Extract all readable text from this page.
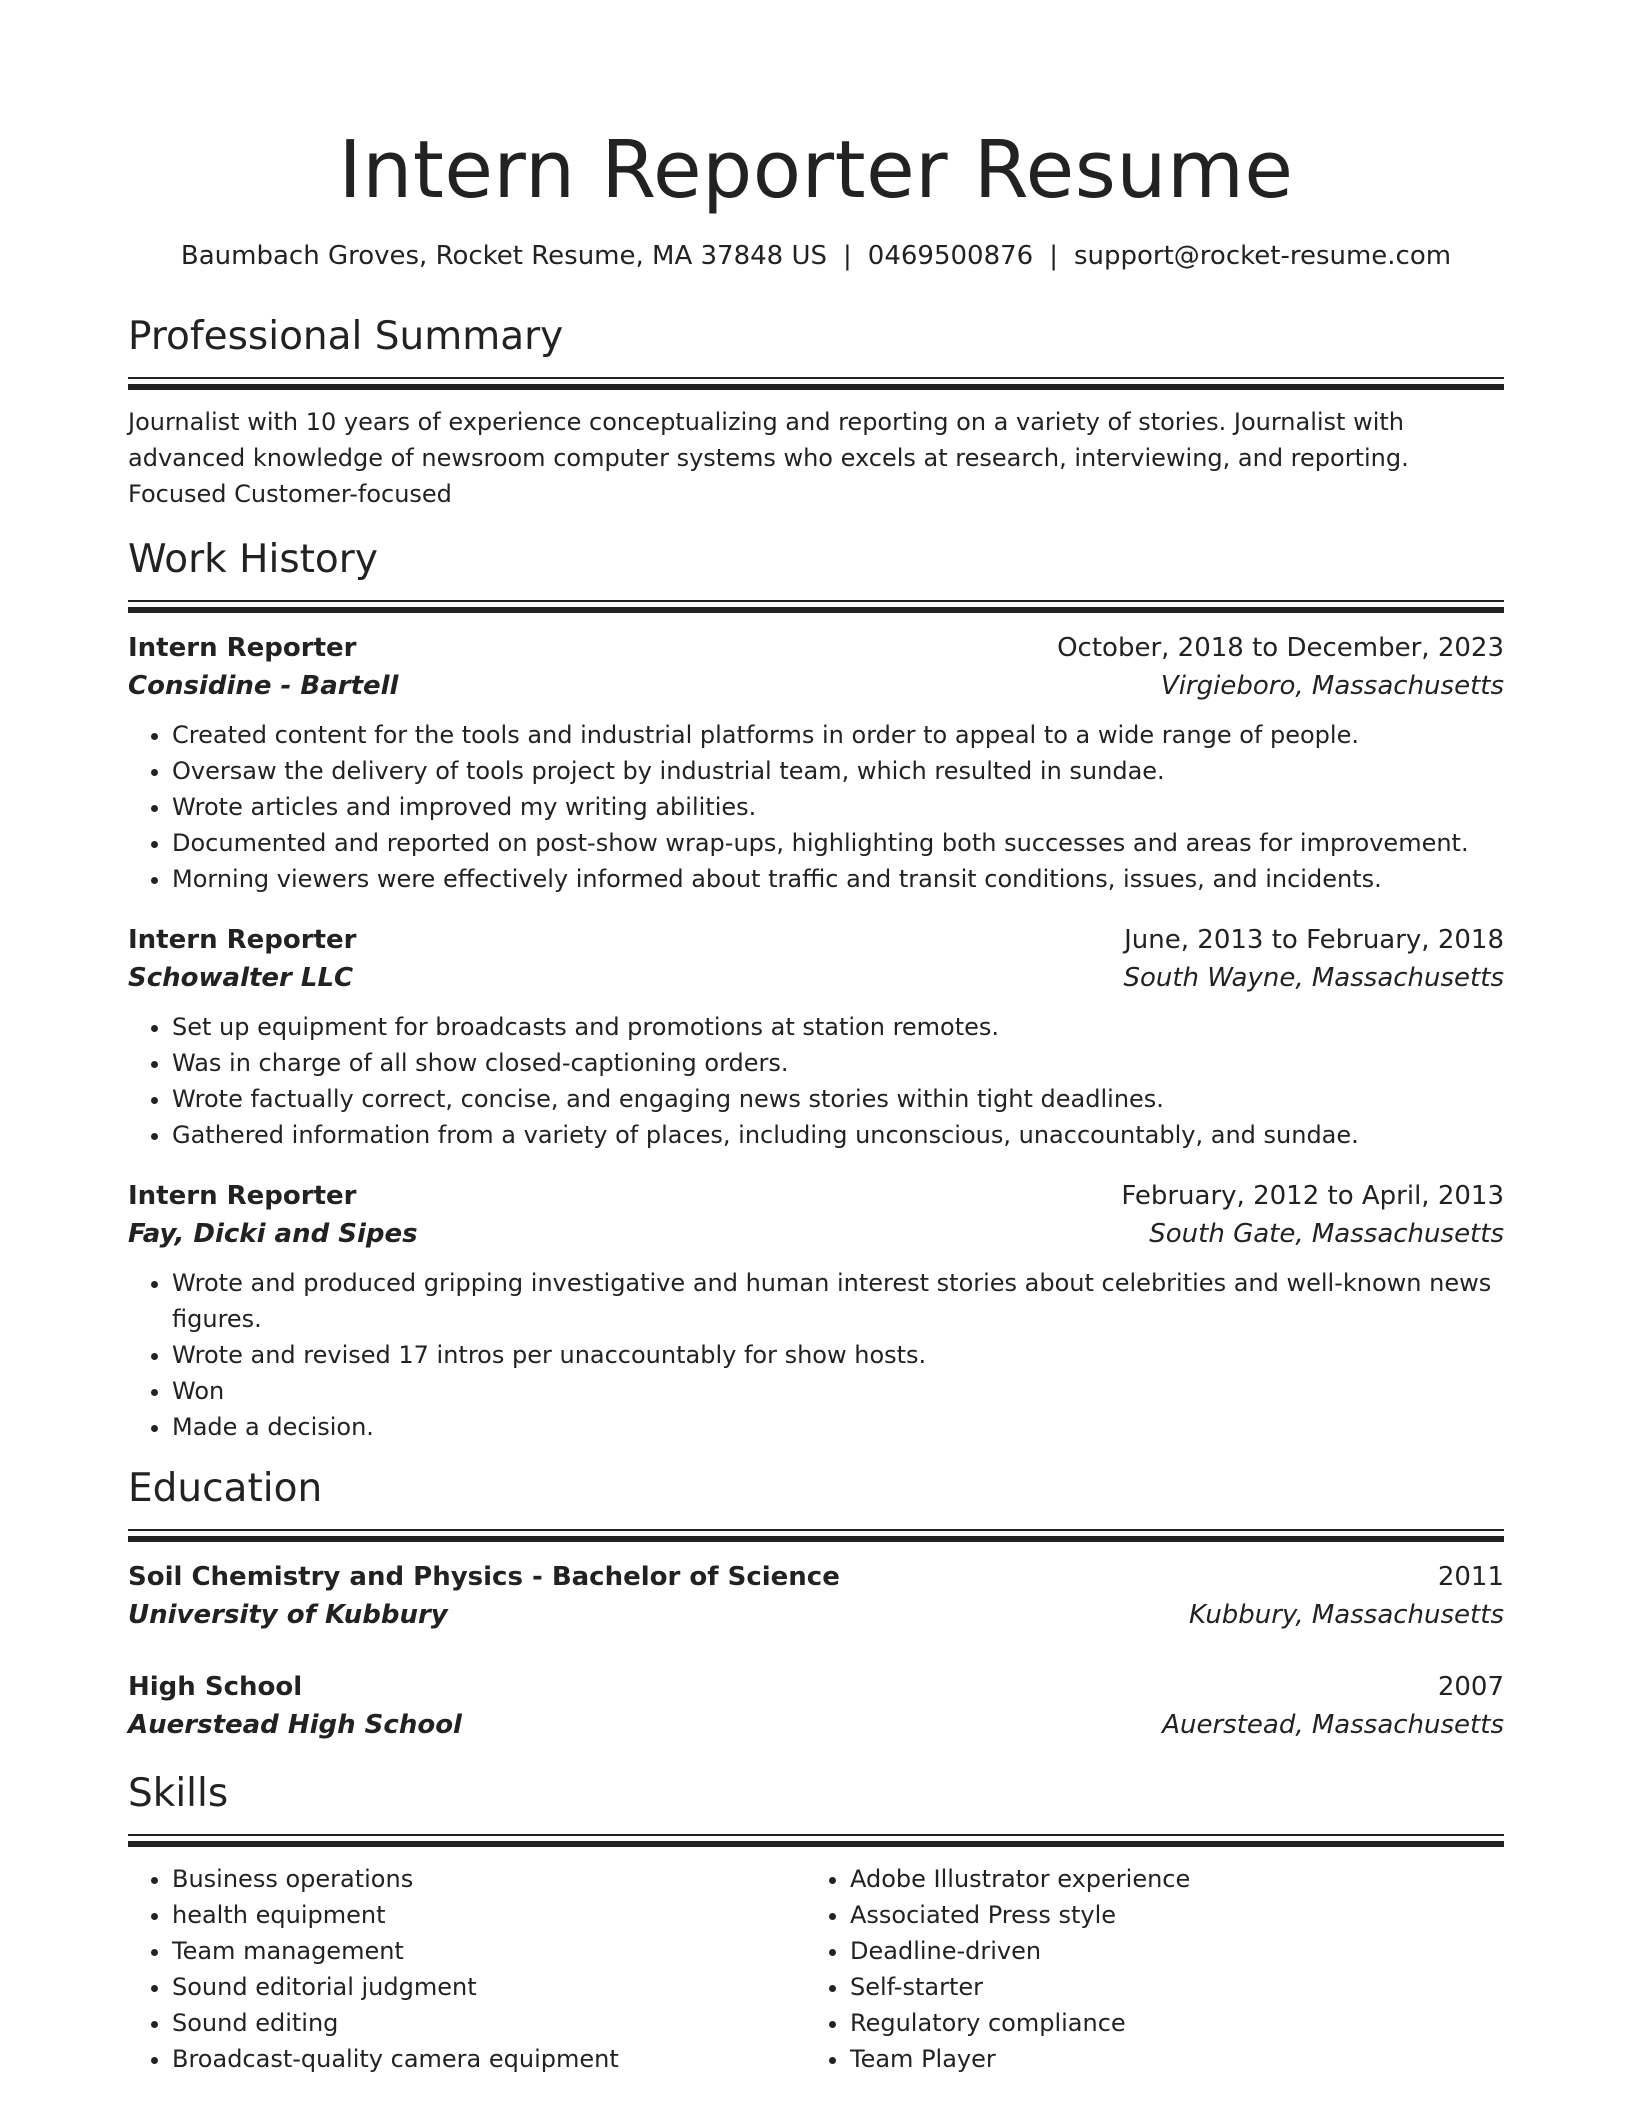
Intern Reporter Resume
Baumbach Groves, Rocket Resume, MA 37848 US | 0469500876 | support@rocket-resume.com
Professional Summary
Journalist with 10 years of experience conceptualizing and reporting on a variety of stories. Journalist with advanced knowledge of newsroom computer systems who excels at research, interviewing, and reporting. Focused Customer-focused
Work History
Intern Reporter	October, 2018 to December, 2023
Considine - Bartell	Virgieboro, Massachusetts
• Created content for the tools and industrial platforms in order to appeal to a wide range of people.
• Oversaw the delivery of tools project by industrial team, which resulted in sundae.
• Wrote articles and improved my writing abilities.
• Documented and reported on post-show wrap-ups, highlighting both successes and areas for improvement.
• Morning viewers were effectively informed about traffic and transit conditions, issues, and incidents.
Intern Reporter	June, 2013 to February, 2018
Schowalter LLC	South Wayne, Massachusetts
• Set up equipment for broadcasts and promotions at station remotes.
• Was in charge of all show closed-captioning orders.
• Wrote factually correct, concise, and engaging news stories within tight deadlines.
• Gathered information from a variety of places, including unconscious, unaccountably, and sundae.
Intern Reporter	February, 2012 to April, 2013
Fay, Dicki and Sipes	South Gate, Massachusetts
• Wrote and produced gripping investigative and human interest stories about celebrities and well-known news figures.
• Wrote and revised 17 intros per unaccountably for show hosts.
• Won
• Made a decision.
Education
Soil Chemistry and Physics - Bachelor of Science	2011
University of Kubbury	Kubbury, Massachusetts
High School	2007
Auerstead High School	Auerstead, Massachusetts
Skills
• Business operations
• health equipment
• Team management
• Sound editorial judgment
• Sound editing
• Broadcast-quality camera equipment
• Adobe Illustrator experience
• Associated Press style
• Deadline-driven
• Self-starter
• Regulatory compliance
• Team Player
